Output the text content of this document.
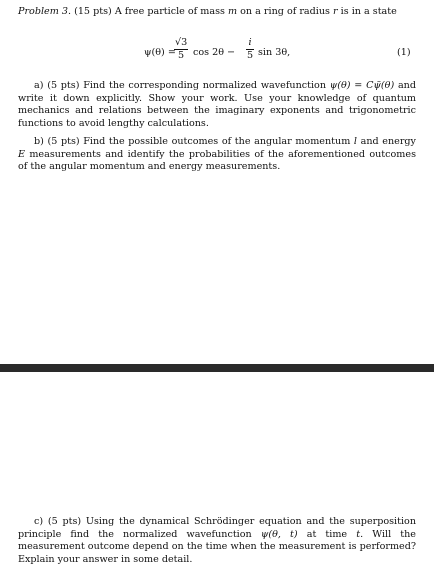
Problem 3. (15 pts) A free particle of mass m on a ring of radius r is in a state
ψ(θ) =
$\frac{√3}{5}$ $\cos 2\theta - \frac{i}{5}$ sin 3θ,	(1)

a) (5 pts) Find the corresponding normalized wavefunction ψ(θ) = Cψ̃(θ) and write it down explicitly. Show your work. Use your knowledge of quantum mechanics and relations between the imaginary exponents and trigonometric functions to avoid lengthy calculations.

b) (5 pts) Find the possible outcomes of the angular momentum l and energy E measurements and identify the probabilities of the aforementioned outcomes of the angular momentum and energy measurements.

c) (5 pts) Using the dynamical Schrödinger equation and the superposition principle find the normalized wavefunction ψ(θ, t) at time t. Will the measurement outcome depend on the time when the measurement is performed? Explain your answer in some detail.
